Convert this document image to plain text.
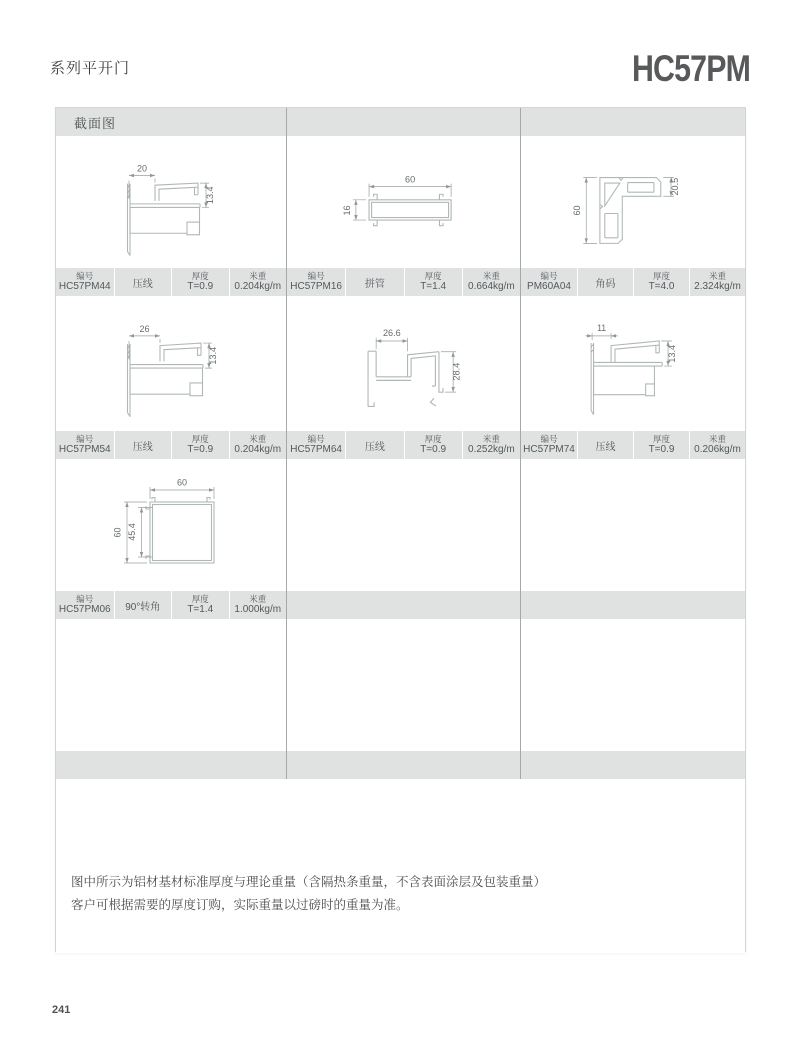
系列平开门	HC57PM
截面图
20
13.4
60
16	60
20.5
编号
HC57PM44 压线
厚度
T=0.9
米重
0.204kg/m
编号
HC57PM16 拼管
厚度
T=1.4
米重
0.664kg/m
编号
PM60A04 角码
厚度
T=4.0
米重
2.324kg/m
26
13.4
26.6
28.4
11
13.4
编号
HC57PM54 压线
厚度
T=0.9
米重
0.204kg/m
编号
HC57PM64 压线
厚度
T=0.9
米重
0.252kg/m
编号
HC57PM74 压线
厚度
T=0.9
米重
0.206kg/m
60
60 45.4
编号
HC57PM06 90°转角
厚度
T=1.4
米重
1.000kg/m
图中所示为铝材基材标准厚度与理论重量（含隔热条重量，不含表面涂层及包装重量）
客户可根据需要的厚度订购，实际重量以过磅时的重量为准。
241
